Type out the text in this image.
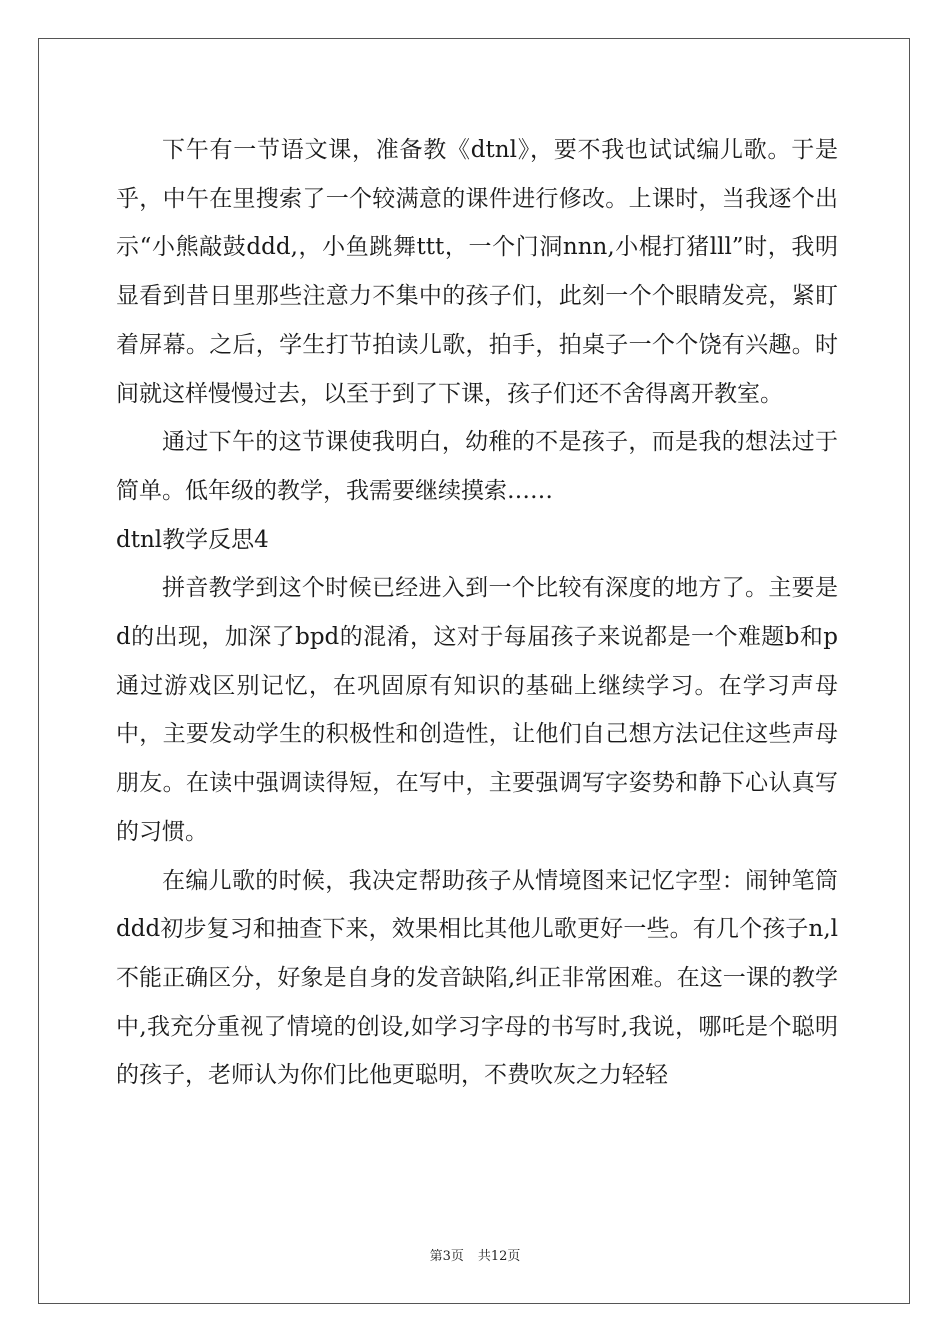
下午有一节语文课，准备教《dtnl》，要不我也试试编儿歌。于是乎，中午在里搜索了一个较满意的课件进行修改。上课时，当我逐个出示“小熊敲鼓ddd,，小鱼跳舞ttt，一个门洞nnn,小棍打猪lll”时，我明显看到昔日里那些注意力不集中的孩子们，此刻一个个眼睛发亮，紧盯着屏幕。之后，学生打节拍读儿歌，拍手，拍桌子一个个饶有兴趣。时间就这样慢慢过去，以至于到了下课，孩子们还不舍得离开教室。

通过下午的这节课使我明白，幼稚的不是孩子，而是我的想法过于简单。低年级的教学，我需要继续摸索……

dtnl教学反思4

拼音教学到这个时候已经进入到一个比较有深度的地方了。主要是d的出现，加深了bpd的混淆，这对于每届孩子来说都是一个难题b和p通过游戏区别记忆，在巩固原有知识的基础上继续学习。在学习声母中，主要发动学生的积极性和创造性，让他们自己想方法记住这些声母朋友。在读中强调读得短，在写中，主要强调写字姿势和静下心认真写的习惯。

在编儿歌的时候，我决定帮助孩子从情境图来记忆字型：闹钟笔筒ddd初步复习和抽查下来，效果相比其他儿歌更好一些。有几个孩子n,l不能正确区分，好象是自身的发音缺陷,纠正非常困难。在这一课的教学中,我充分重视了情境的创设,如学习字母的书写时,我说，哪吒是个聪明的孩子，老师认为你们比他更聪明，不费吹灰之力轻轻

第3页 共12页
